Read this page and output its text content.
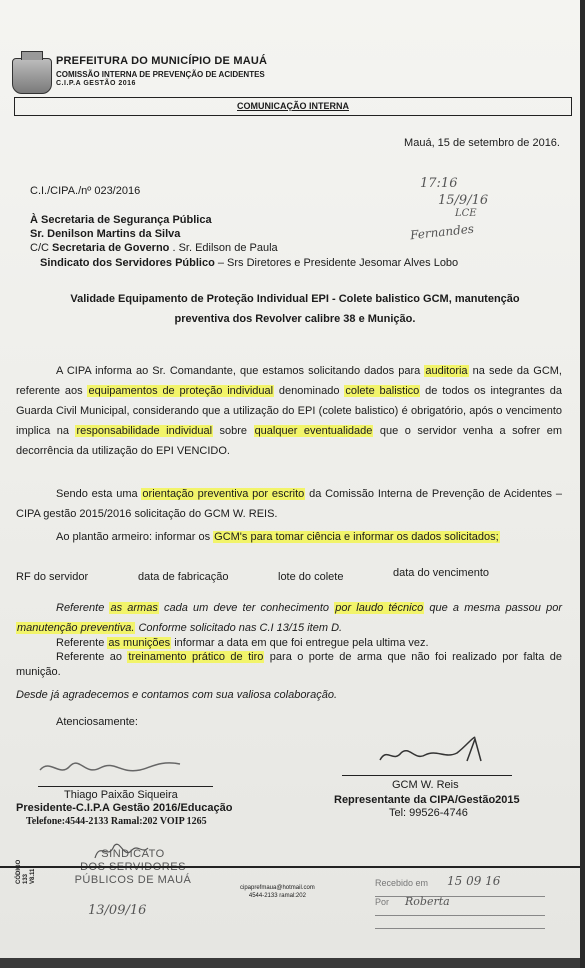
PREFEITURA DO MUNICÍPIO DE MAUÁ
COMISSÃO INTERNA DE PREVENÇÃO DE ACIDENTES
C.I.P.A GESTÃO 2016
COMUNICAÇÃO INTERNA
Mauá, 15 de setembro de 2016.
C.I./CIPA./nº 023/2016	17:16
15/9/16
LCE
Fernandes
À Secretaria de Segurança Pública
Sr. Denilson Martins da Silva
C/C Secretaria de Governo . Sr. Edilson de Paula
Sindicato dos Servidores Público – Srs Diretores e Presidente Jesomar Alves Lobo
Validade Equipamento de Proteção Individual EPI - Colete balistico GCM, manutenção
preventiva dos Revolver calibre 38 e Munição.
A CIPA informa ao Sr. Comandante, que estamos solicitando dados para auditoria na sede da GCM, referente aos equipamentos de proteção individual denominado colete balistico de todos os integrantes da Guarda Civil Municipal, considerando que a utilização do EPI (colete balistico) é obrigatório, após o vencimento implica na responsabilidade individual sobre qualquer eventualidade que o servidor venha a sofrer em decorrência da utilização do EPI VENCIDO.
Sendo esta uma orientação preventiva por escrito da Comissão Interna de Prevenção de Acidentes – CIPA gestão 2015/2016 solicitação do GCM W. REIS.
Ao plantão armeiro: informar os GCM's para tomar ciência e informar os dados solicitados;
RF do servidor	data de fabricação	lote do colete	data do vencimento
Referente as armas cada um deve ter conhecimento por laudo técnico que a mesma passou por manutenção preventiva. Conforme solicitado nas C.I 13/15 item D.
Referente as munições informar a data em que foi entregue pela ultima vez.
Referente ao treinamento prático de tiro para o porte de arma que não foi realizado por falta de munição.
Desde já agradecemos e contamos com sua valiosa colaboração.
Atenciosamente:
Thiago Paixão Siqueira
Presidente-C.I.P.A Gestão 2016/Educação
Telefone:4544-2133 Ramal:202 VOIP 1265
GCM W. Reis
Representante da CIPA/Gestão2015
Tel: 99526-4746
SINDICATO
DOS SERVIDORES
PÚBLICOS DE MAUÁ
13/09/16
CÓDIGO 133 V8.11
cipaprefmaua@hotmail.com
4544-2133 ramal:202
Recebido em 15 09 16
Por Roberta
